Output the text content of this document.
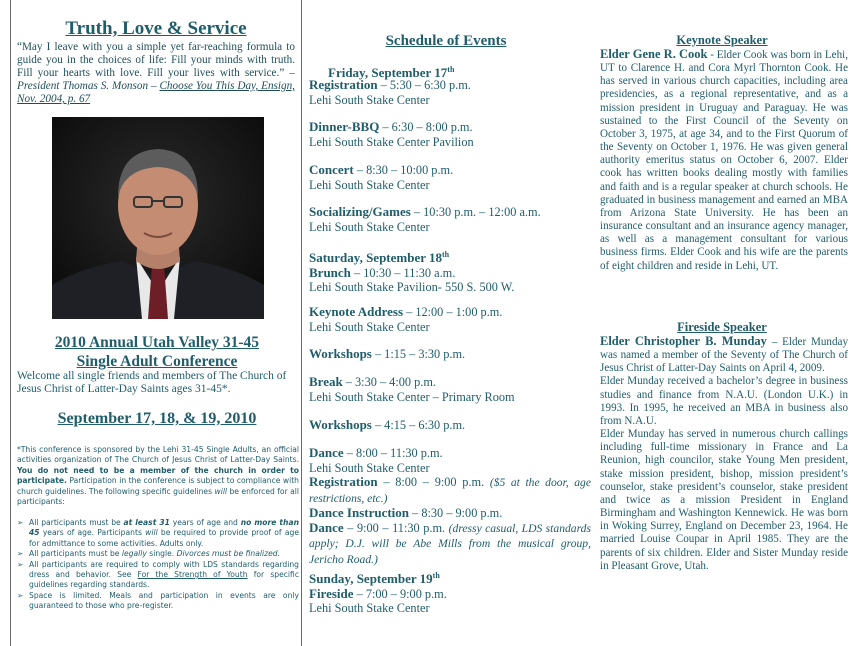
Truth, Love & Service
“May I leave with you a simple yet far-reaching formula to guide you in the choices of life: Fill your minds with truth. Fill your hearts with love. Fill your lives with service.” – President Thomas S. Monson – Choose You This Day, Ensign, Nov. 2004, p. 67
2010 Annual Utah Valley 31-45
Single Adult Conference
Welcome all single friends and members of The Church of Jesus Christ of Latter-Day Saints ages 31-45*.
September 17, 18, & 19, 2010
*This conference is sponsored by the Lehi 31-45 Single Adults, an official activities organization of The Church of Jesus Christ of Latter-Day Saints. You do not need to be a member of the church in order to participate. Participation in the conference is subject to compliance with church guidelines. The following specific guidelines will be enforced for all participants:
➢ All participants must be at least 31 years of age and no more than 45 years of age. Participants will be required to provide proof of age for admittance to some activities. Adults only.
➢ All participants must be legally single. Divorces must be finalized.
➢ All participants are required to comply with LDS standards regarding dress and behavior. See For the Strength of Youth for specific guidelines regarding standards.
➢ Space is limited. Meals and participation in events are only guaranteed to those who pre-register.
Schedule of Events
Friday, September 17th
Registration – 5:30 – 6:30 p.m.
Lehi South Stake Center
Dinner-BBQ – 6:30 – 8:00 p.m.
Lehi South Stake Center Pavilion
Concert – 8:30 – 10:00 p.m.
Lehi South Stake Center
Socializing/Games – 10:30 p.m. – 12:00 a.m.
Lehi South Stake Center
Saturday, September 18th
Brunch – 10:30 – 11:30 a.m.
Lehi South Stake Pavilion- 550 S. 500 W.
Keynote Address – 12:00 – 1:00 p.m.
Lehi South Stake Center
Workshops – 1:15 – 3:30 p.m.
Break – 3:30 – 4:00 p.m.
Lehi South Stake Center – Primary Room
Workshops – 4:15 – 6:30 p.m.
Dance – 8:00 – 11:30 p.m.
Lehi South Stake Center
Registration – 8:00 – 9:00 p.m. ($5 at the door, age restrictions, etc.)
Dance Instruction – 8:30 – 9:00 p.m.
Dance – 9:00 – 11:30 p.m. (dressy casual, LDS standards apply; D.J. will be Abe Mills from the musical group, Jericho Road.)
Sunday, September 19th
Fireside – 7:00 – 9:00 p.m.
Lehi South Stake Center
Keynote Speaker
Elder Gene R. Cook - Elder Cook was born in Lehi, UT to Clarence H. and Cora Myrl Thornton Cook. He has served in various church capacities, including area presidencies, as a regional representative, and as a mission president in Uruguay and Paraguay. He was sustained to the First Council of the Seventy on October 3, 1975, at age 34, and to the First Quorum of the Seventy on October 1, 1976. He was given general authority emeritus status on October 6, 2007. Elder cook has written books dealing mostly with families and faith and is a regular speaker at church schools. He graduated in business management and earned an MBA from Arizona State University. He has been an insurance consultant and an insurance agency manager, as well as a management consultant for various business firms. Elder Cook and his wife are the parents of eight children and reside in Lehi, UT.
Fireside Speaker
Elder Christopher B. Munday – Elder Munday was named a member of the Seventy of The Church of Jesus Christ of Latter-Day Saints on April 4, 2009.
Elder Munday received a bachelor’s degree in business studies and finance from N.A.U. (London U.K.) in 1993. In 1995, he received an MBA in business also from N.A.U.
Elder Munday has served in numerous church callings including full-time missionary in France and La Reunion, high councilor, stake Young Men president, stake mission president, bishop, mission president’s counselor, stake president’s counselor, stake president and twice as a mission President in England Birmingham and Washington Kennewick. He was born in Woking Surrey, England on December 23, 1964. He married Louise Coupar in April 1985. They are the parents of six children. Elder and Sister Munday reside in Pleasant Grove, Utah.
